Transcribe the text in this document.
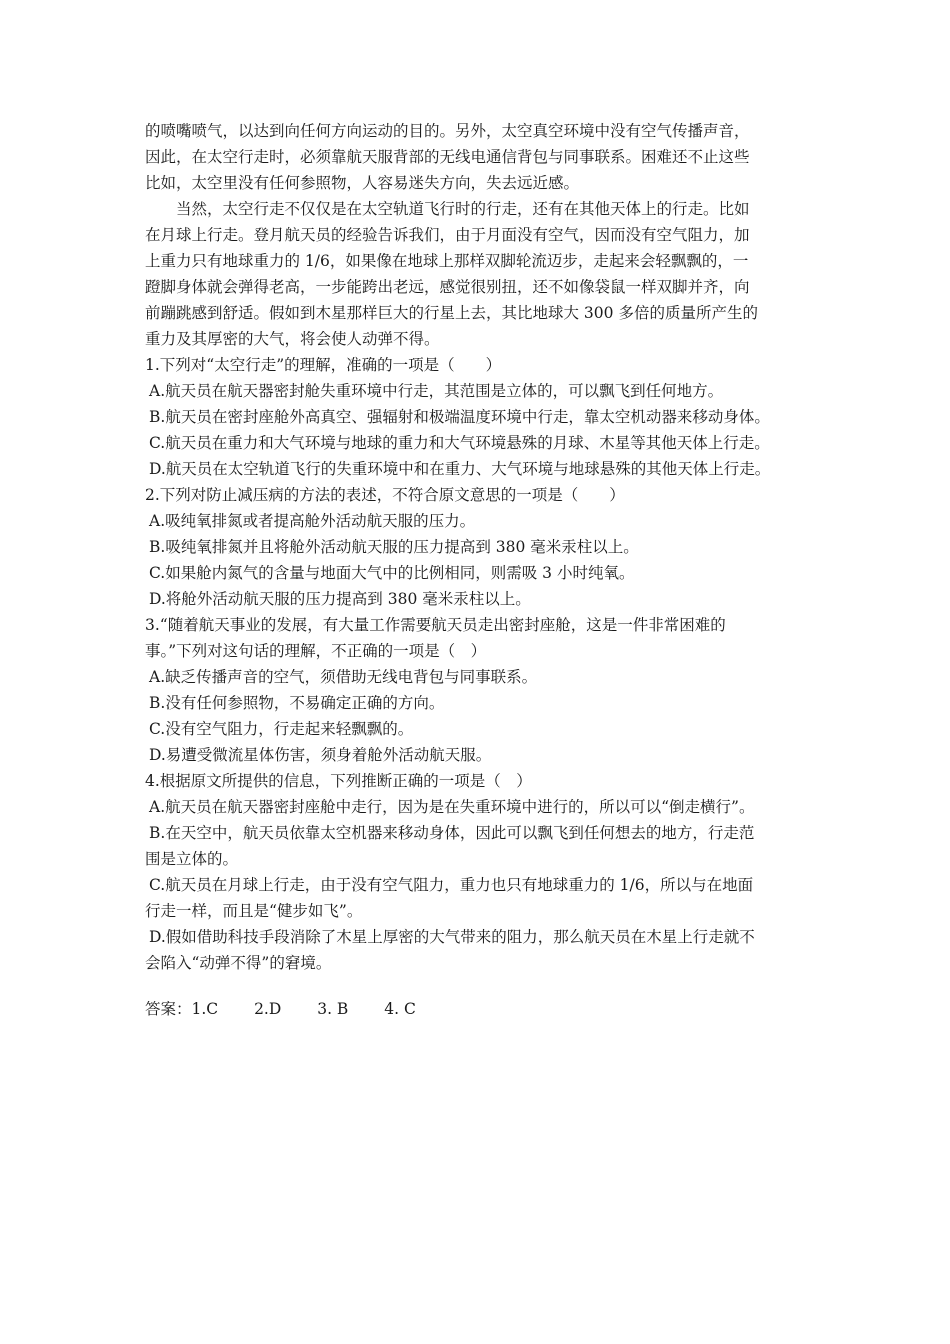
的喷嘴喷气，以达到向任何方向运动的目的。另外，太空真空环境中没有空气传播声音，
因此，在太空行走时，必须靠航天服背部的无线电通信背包与同事联系。困难还不止这些
比如，太空里没有任何参照物，人容易迷失方向，失去远近感。
当然，太空行走不仅仅是在太空轨道飞行时的行走，还有在其他天体上的行走。比如
在月球上行走。登月航天员的经验告诉我们，由于月面没有空气，因而没有空气阻力，加
上重力只有地球重力的 1/6，如果像在地球上那样双脚轮流迈步，走起来会轻飘飘的，一
蹬脚身体就会弹得老高，一步能跨出老远，感觉很别扭，还不如像袋鼠一样双脚并齐，向
前蹦跳感到舒适。假如到木星那样巨大的行星上去，其比地球大 300 多倍的质量所产生的
重力及其厚密的大气，将会使人动弹不得。
1.下列对“太空行走”的理解，准确的一项是（　　）
A.航天员在航天器密封舱失重环境中行走，其范围是立体的，可以飘飞到任何地方。
B.航天员在密封座舱外高真空、强辐射和极端温度环境中行走，靠太空机动器来移动身体。
C.航天员在重力和大气环境与地球的重力和大气环境悬殊的月球、木星等其他天体上行走。
D.航天员在太空轨道飞行的失重环境中和在重力、大气环境与地球悬殊的其他天体上行走。
2.下列对防止减压病的方法的表述，不符合原文意思的一项是（　　）
A.吸纯氧排氮或者提高舱外活动航天服的压力。
B.吸纯氧排氮并且将舱外活动航天服的压力提高到 380 毫米汞柱以上。
C.如果舱内氮气的含量与地面大气中的比例相同，则需吸 3 小时纯氧。
D.将舱外活动航天服的压力提高到 380 毫米汞柱以上。
3.“随着航天事业的发展，有大量工作需要航天员走出密封座舱，这是一件非常困难的
事。”下列对这句话的理解，不正确的一项是（　）
A.缺乏传播声音的空气，须借助无线电背包与同事联系。
B.没有任何参照物，不易确定正确的方向。
C.没有空气阻力，行走起来轻飘飘的。
D.易遭受微流星体伤害，须身着舱外活动航天服。
4.根据原文所提供的信息，下列推断正确的一项是（　）
A.航天员在航天器密封座舱中走行，因为是在失重环境中进行的，所以可以“倒走横行”。
B.在天空中，航天员依靠太空机器来移动身体，因此可以飘飞到任何想去的地方，行走范
围是立体的。
C.航天员在月球上行走，由于没有空气阻力，重力也只有地球重力的 1/6，所以与在地面
行走一样，而且是“健步如飞”。
D.假如借助科技手段消除了木星上厚密的大气带来的阻力，那么航天员在木星上行走就不
会陷入“动弹不得”的窘境。
答案：1.C　　 2.D　　 3. B　　 4. C
